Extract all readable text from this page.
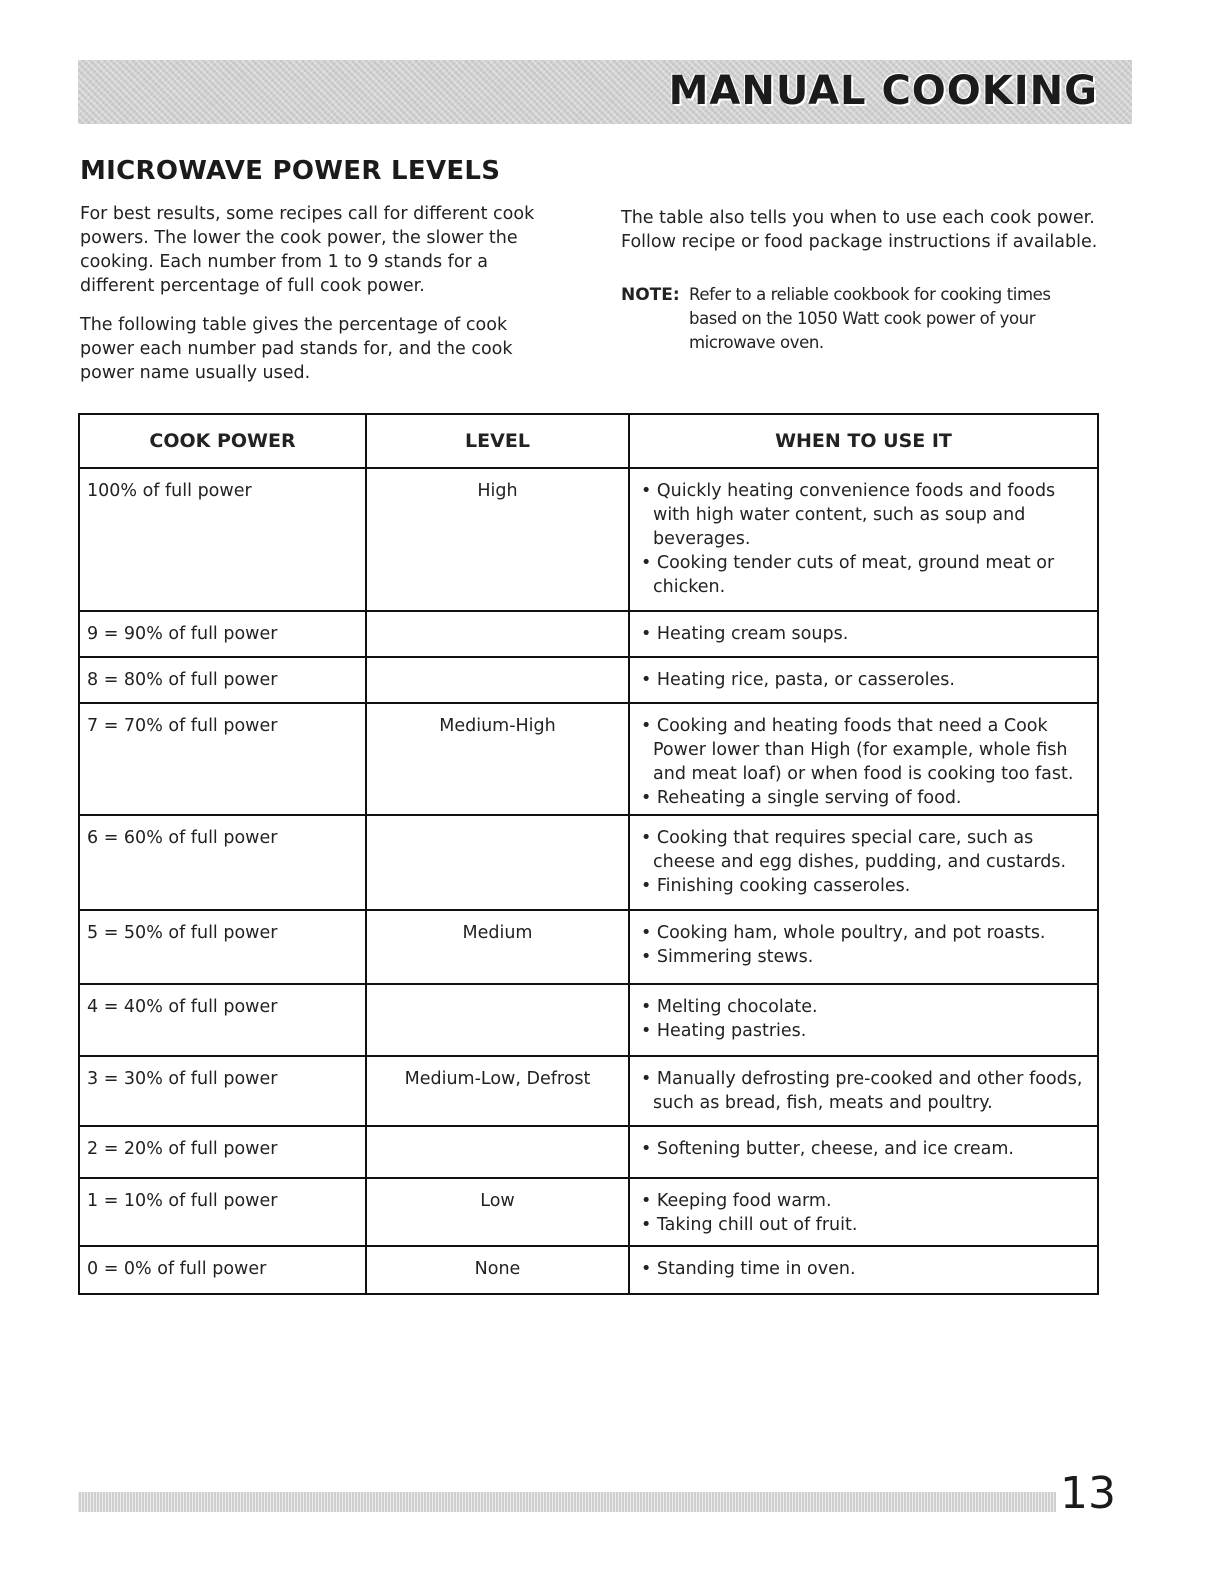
MANUAL COOKING
MICROWAVE POWER LEVELS

For best results, some recipes call for different cook powers. The lower the cook power, the slower the cooking. Each number from 1 to 9 stands for a different percentage of full cook power.

The following table gives the percentage of cook power each number pad stands for, and the cook power name usually used.

The table also tells you when to use each cook power. Follow recipe or food package instructions if available.

NOTE: Refer to a reliable cookbook for cooking times based on the 1050 Watt cook power of your microwave oven.
COOK POWER	LEVEL	WHEN TO USE IT
100% of full power	High	• Quickly heating convenience foods and foods with high water content, such as soup and beverages.
• Cooking tender cuts of meat, ground meat or chicken.

9 = 90% of full power		• Heating cream soups.

8 = 80% of full power		• Heating rice, pasta, or casseroles.

7 = 70% of full power	Medium-High	• Cooking and heating foods that need a Cook Power lower than High (for example, whole fish and meat loaf) or when food is cooking too fast.
• Reheating a single serving of food.

6 = 60% of full power		• Cooking that requires special care, such as cheese and egg dishes, pudding, and custards.
• Finishing cooking casseroles.

5 = 50% of full power	Medium	• Cooking ham, whole poultry, and pot roasts.
• Simmering stews.

4 = 40% of full power		• Melting chocolate.
• Heating pastries.

3 = 30% of full power	Medium-Low, Defrost	• Manually defrosting pre-cooked and other foods, such as bread, fish, meats and poultry.

2 = 20% of full power		• Softening butter, cheese, and ice cream.

1 = 10% of full power	Low	• Keeping food warm.
• Taking chill out of fruit.

0 = 0% of full power	None	• Standing time in oven.
13
